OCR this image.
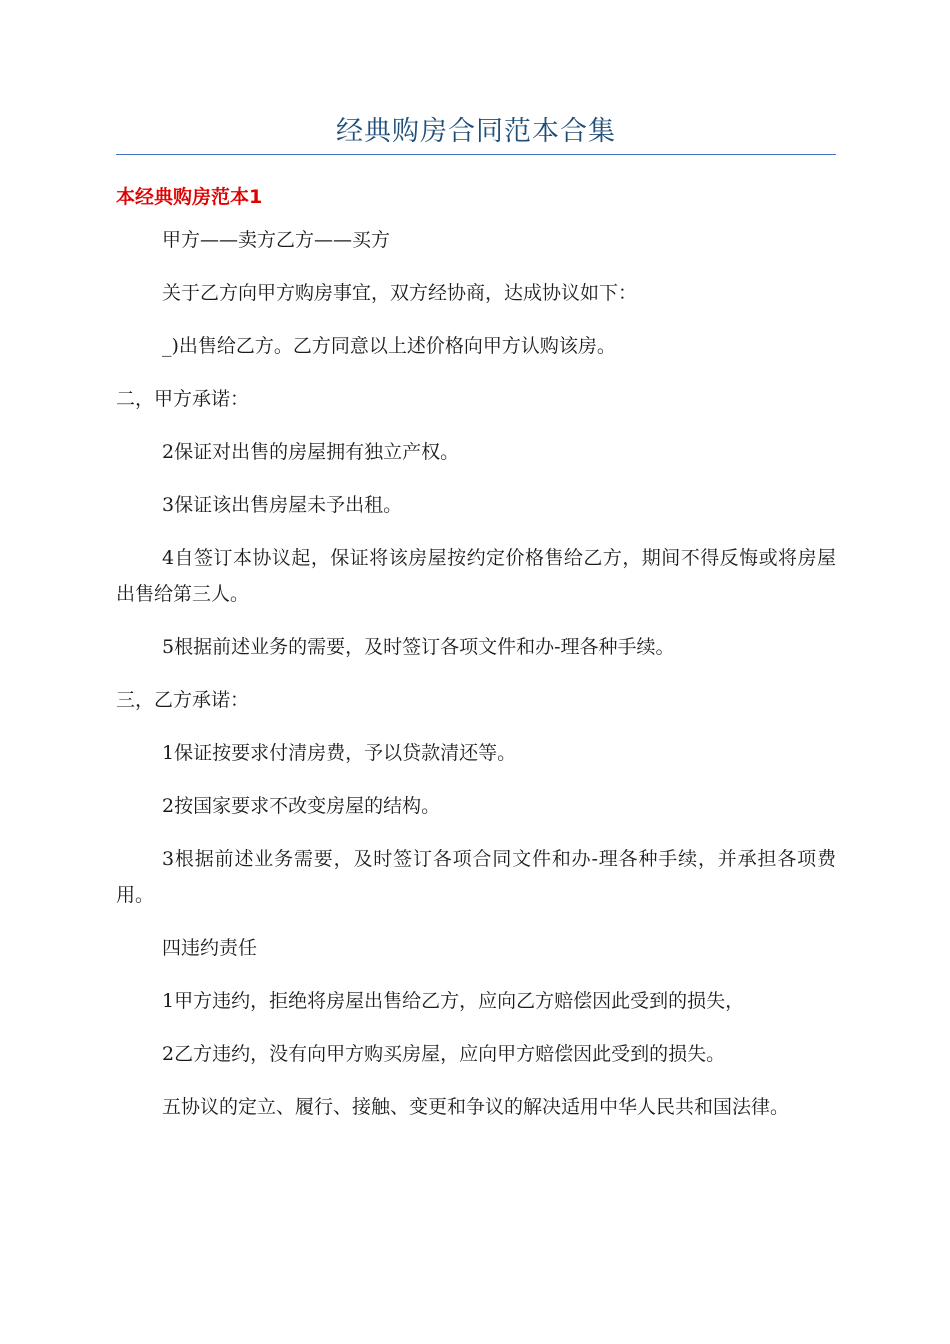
经典购房合同范本合集
本经典购房范本1

甲方——卖方乙方——买方

关于乙方向甲方购房事宜，双方经协商，达成协议如下：

_)出售给乙方。乙方同意以上述价格向甲方认购该房。

二，甲方承诺：

2保证对出售的房屋拥有独立产权。

3保证该出售房屋未予出租。

4自签订本协议起，保证将该房屋按约定价格售给乙方，期间不得反悔或将房屋出售给第三人。

5根据前述业务的需要，及时签订各项文件和办-理各种手续。

三，乙方承诺：

1保证按要求付清房费，予以贷款清还等。

2按国家要求不改变房屋的结构。

3根据前述业务需要，及时签订各项合同文件和办-理各种手续，并承担各项费用。

四违约责任

1甲方违约，拒绝将房屋出售给乙方，应向乙方赔偿因此受到的损失，

2乙方违约，没有向甲方购买房屋，应向甲方赔偿因此受到的损失。

五协议的定立、履行、接触、变更和争议的解决适用中华人民共和国法律。
